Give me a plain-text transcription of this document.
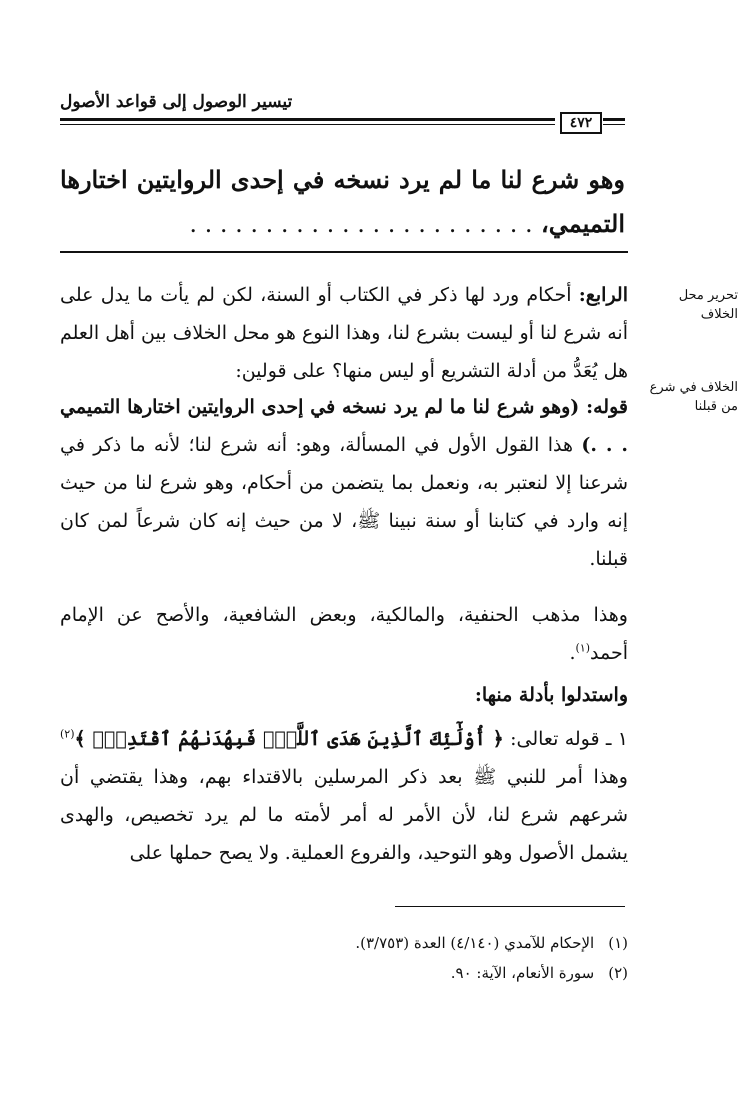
تيسير الوصول إلى قواعد الأصول
٤٧٢
وهو شرع لنا ما لم يرد نسخه في إحدى الروايتين اختارها التميمي، . . . . . . . . . . . . . . . . . . . . . . .
تحرير محل الخلاف
الخلاف في شرع من قبلنا
الرابع: أحكام ورد لها ذكر في الكتاب أو السنة، لكن لم يأت ما يدل على أنه شرع لنا أو ليست بشرع لنا، وهذا النوع هو محل الخلاف بين أهل العلم هل يُعَدُّ من أدلة التشريع أو ليس منها؟ على قولين:
قوله: (وهو شرع لنا ما لم يرد نسخه في إحدى الروايتين اختارها التميمي . . .) هذا القول الأول في المسألة، وهو: أنه شرع لنا؛ لأنه ما ذكر في شرعنا إلا لنعتبر به، ونعمل بما يتضمن من أحكام، وهو شرع لنا من حيث إنه وارد في كتابنا أو سنة نبينا ﷺ، لا من حيث إنه كان شرعاً لمن كان قبلنا.
وهذا مذهب الحنفية، والمالكية، وبعض الشافعية، والأصح عن الإمام أحمد$^{(١)}$.
واستدلوا بأدلة منها:
١ ـ قوله تعالى: ﴿ أُوْلَٰٓئِكَ ٱلَّذِينَ هَدَى ٱللَّهُۖ فَبِهُدَىٰهُمُ ٱقْتَدِهْۗ ﴾$^{(٢)}$ وهذا أمر للنبي ﷺ بعد ذكر المرسلين بالاقتداء بهم، وهذا يقتضي أن شرعهم شرع لنا، لأن الأمر له أمر لأمته ما لم يرد تخصيص، والهدى يشمل الأصول وهو التوحيد، والفروع العملية. ولا يصح حملها على
(١)الإحكام للآمدي (٤/١٤٠) العدة (٣/٧٥٣).
(٢)سورة الأنعام، الآية: ٩٠.
